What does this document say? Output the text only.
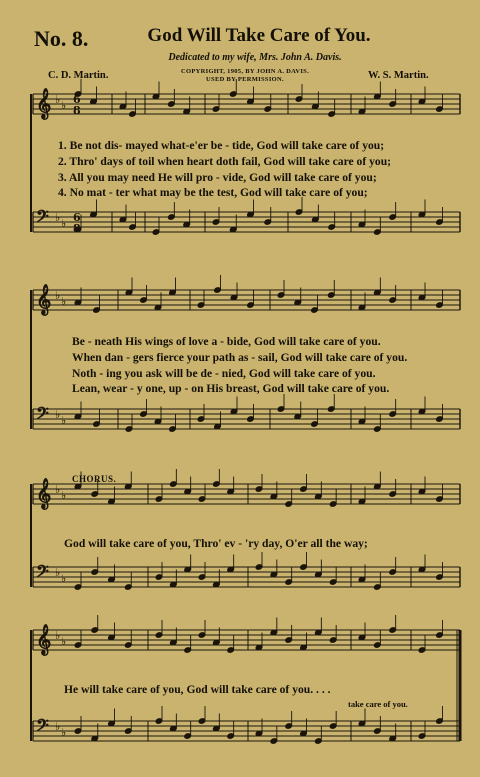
No. 8.	God Will Take Care of You.
Dedicated to my wife, Mrs. John A. Davis.
C. D. Martin.	COPYRIGHT, 1905, BY JOHN A. DAVIS.
USED BY PERMISSION.	W. S. Martin.
𝄞 ♭ ♭
𝄢 ♭ ♭
𝄞 ♭ ♭
𝄢 ♭ ♭
𝄞 ♭ ♭
𝄢 ♭ ♭
𝄞 ♭ ♭
𝄢 ♭ ♭
6
8
6
8
1. Be not dis- mayed what-e'er be - tide, God will take care of you;
2. Thro' days of toil when heart doth fail, God will take care of you;
3. All you may need He will pro - vide, God will take care of you;
4. No mat - ter what may be the test, God will take care of you;
Be - neath His wings of love a - bide, God will take care of you.
When dan - gers fierce your path as - sail, God will take care of you.
Noth - ing you ask will be de - nied, God will take care of you.
Lean, wear - y one, up - on His breast, God will take care of you.
CHORUS.
God will take care of you, Thro' ev - 'ry day, O'er all the way;
He will take care of you, God will take care of you. . . .
take care of you.
